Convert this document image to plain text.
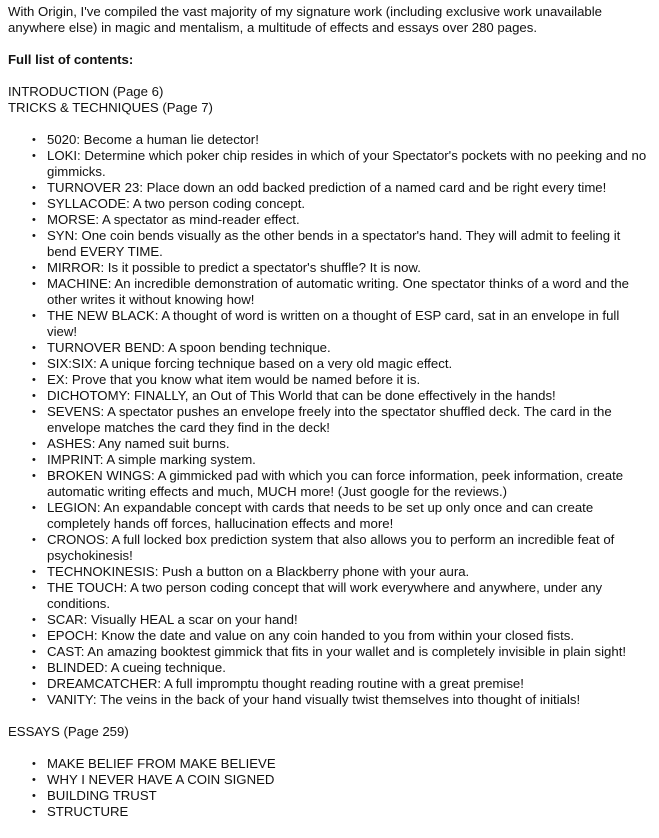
With Origin, I've compiled the vast majority of my signature work (including exclusive work unavailable anywhere else) in magic and mentalism, a multitude of effects and essays over 280 pages.

Full list of contents:

INTRODUCTION (Page 6)
TRICKS & TECHNIQUES (Page 7)
• 5020: Become a human lie detector!
• LOKI: Determine which poker chip resides in which of your Spectator's pockets with no peeking and no gimmicks.
• TURNOVER 23: Place down an odd backed prediction of a named card and be right every time!
• SYLLACODE: A two person coding concept.
• MORSE: A spectator as mind-reader effect.
• SYN: One coin bends visually as the other bends in a spectator's hand. They will admit to feeling it bend EVERY TIME.
• MIRROR: Is it possible to predict a spectator's shuffle? It is now.
• MACHINE: An incredible demonstration of automatic writing. One spectator thinks of a word and the other writes it without knowing how!
• THE NEW BLACK: A thought of word is written on a thought of ESP card, sat in an envelope in full view!
• TURNOVER BEND: A spoon bending technique.
• SIX:SIX: A unique forcing technique based on a very old magic effect.
• EX: Prove that you know what item would be named before it is.
• DICHOTOMY: FINALLY, an Out of This World that can be done effectively in the hands!
• SEVENS: A spectator pushes an envelope freely into the spectator shuffled deck. The card in the envelope matches the card they find in the deck!
• ASHES: Any named suit burns.
• IMPRINT: A simple marking system.
• BROKEN WINGS: A gimmicked pad with which you can force information, peek information, create automatic writing effects and much, MUCH more! (Just google for the reviews.)
• LEGION: An expandable concept with cards that needs to be set up only once and can create completely hands off forces, hallucination effects and more!
• CRONOS: A full locked box prediction system that also allows you to perform an incredible feat of psychokinesis!
• TECHNOKINESIS: Push a button on a Blackberry phone with your aura.
• THE TOUCH: A two person coding concept that will work everywhere and anywhere, under any conditions.
• SCAR: Visually HEAL a scar on your hand!
• EPOCH: Know the date and value on any coin handed to you from within your closed fists.
• CAST: An amazing booktest gimmick that fits in your wallet and is completely invisible in plain sight!
• BLINDED: A cueing technique.
• DREAMCATCHER: A full impromptu thought reading routine with a great premise!
• VANITY: The veins in the back of your hand visually twist themselves into thought of initials!
ESSAYS (Page 259)
• MAKE BELIEF FROM MAKE BELIEVE
• WHY I NEVER HAVE A COIN SIGNED
• BUILDING TRUST
• STRUCTURE
